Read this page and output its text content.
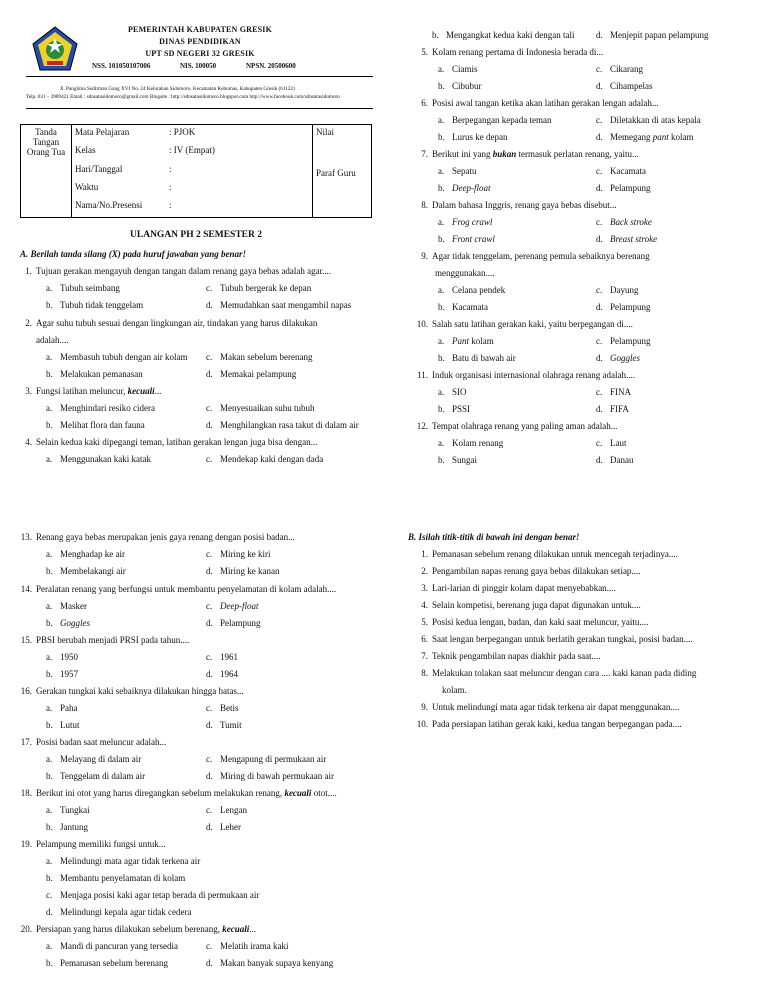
PEMERINTAH KABUPATEN GRESIK
DINAS PENDIDIKAN
UPT SD NEGERI 32 GRESIK
NSS. 101050107006	NIS. 100050	NPSN. 20500600
Jl. Panglima Sudirman Gang XVI No. 24 Kelurahan Sidomoro, Kecamatan Kebomas, Kabupaten Gresik (61122)
Telp. 031 – 3989421 Email : sdnsatusidomoro@gmail.com Blogsite : http://sdnsatusidomoro.blogspot.com http://www.facebook.com/sdnsatusidomoro
Tanda Tangan Orang Tua	Mata Pelajaran	: PJOK	Nilai
	Kelas	: IV (Empat)	Paraf Guru
	Hari/Tanggal	:	
	Waktu	:	
	Nama/No.Presensi	:	
ULANGAN PH 2 SEMESTER 2
A. Berilah tanda silang (X) pada huruf jawaban yang benar!
1. Tujuan gerakan mengayuh dengan tangan dalam renang gaya bebas adalah agar....
a. Tubuh seimbang	c. Tubuh bergerak ke depan
b. Tubuh tidak tenggelam	d. Memudahkan saat mengambil napas
2. Agar suhu tubuh sesuai dengan lingkungan air, tindakan yang harus dilakukan
adalah....
a. Membasuh tubuh dengan air kolam c. Makan sebelum berenang
b. Melakukan pemanasan	d. Memakai pelampung
3. Fungsi latihan meluncur, kecuali...
a. Menghindari resiko cidera	c. Menyesuaikan suhu tubuh
b. Melihat flora dan fauna	d. Menghilangkan rasa takut di dalam air
4. Selain kedua kaki dipegangi teman, latihan gerakan lengan juga bisa dengan...
a. Menggunakan kaki katak	c. Mendekap kaki dengan dada
b. Mengangkat kedua kaki dengan tali d. Menjepit papan pelampung
5. Kolam renang pertama di Indonesia berada di...
a. Ciamis	c. Cikarang
b. Cibubur	d. Cihampelas
6. Posisi awal tangan ketika akan latihan gerakan lengan adalah...
a. Berpegangan kepada teman	c. Diletakkan di atas kepala
b. Lurus ke depan	d. Memegang pant kolam
7. Berikut ini yang bukan termasuk perlatan renang, yaitu...
a. Sepatu	c. Kacamata
b. Deep-float	d. Pelampung
8. Dalam bahasa Inggris, renang gaya bebas disebut...
a. Frog crawl	c. Back stroke
b. Front crawl	d. Breast stroke
9. Agar tidak tenggelam, perenang pemula sebaiknya berenang
menggunakan....
a. Celana pendek	c. Dayung
b. Kacamata	d. Pelampung
10. Salah satu latihan gerakan kaki, yaitu berpegangan di....
a. Pant kolam	c. Pelampung
b. Batu di bawah air	d. Goggles
11. Induk organisasi internasional olahraga renang adalah....
a. SIO	c. FINA
b. PSSI	d. FIFA
12. Tempat olahraga renang yang paling aman adalah...
a. Kolam renang	c. Laut
b. Sungai	d. Danau
13. Renang gaya bebas merupakan jenis gaya renang dengan posisi badan...
a. Menghadap ke air	c. Miring ke kiri
b. Membelakangi air	d. Miring ke kanan
14. Peralatan renang yang berfungsi untuk membantu penyelamatan di kolam adalah....
a. Masker	c. Deep-float
b. Goggles	d. Pelampung
15. PBSI berubah menjadi PRSI pada tahun....
a. 1950	c. 1961
b. 1957	d. 1964
16. Gerakan tungkai kaki sebaiknya dilakukan hingga batas...
a. Paha	c. Betis
b. Lutut	d. Tumit
17. Posisi badan saat meluncur adalah...
a. Melayang di dalam air	c. Mengapung di permukaan air
b. Tenggelam di dalam air	d. Miring di bawah permukaan air
18. Berikut ini otot yang harus diregangkan sebelum melakukan renang, kecuali otot....
a. Tungkai	c. Lengan
b. Jantung	d. Leher
19. Pelampung memiliki fungsi untuk...
a. Melindungi mata agar tidak terkena air
b. Membantu penyelamatan di kolam
c. Menjaga posisi kaki agar tetap berada di permukaan air
d. Melindungi kepala agar tidak cedera
20. Persiapan yang harus dilakukan sebelum berenang, kecuali...
a. Mandi di pancuran yang tersedia	c. Melatih irama kaki
b. Pemanasan sebelum berenang	d. Makan banyak supaya kenyang
B. Isilah titik-titik di bawah ini dengan benar!
1. Pemanasan sebelum renang dilakukan untuk mencegah terjadinya....
2. Pengambilan napas renang gaya bebas dilakukan setiap....
3. Lari-larian di pinggir kolam dapat menyebabkan....
4. Selain kompetisi, berenang juga dapat digunakan untuk....
5. Posisi kedua lengan, badan, dan kaki saat meluncur, yaitu....
6. Saat lengan berpegangan untuk berlatih gerakan tungkai, posisi badan....
7. Teknik pengambilan napas diakhir pada saat....
8. Melakukan tolakan saat meluncur dengan cara .... kaki kanan pada diding
kolam.
9. Untuk melindungi mata agar tidak terkena air dapat menggunakan....
10. Pada persiapan latihan gerak kaki, kedua tangan berpegangan pada....
